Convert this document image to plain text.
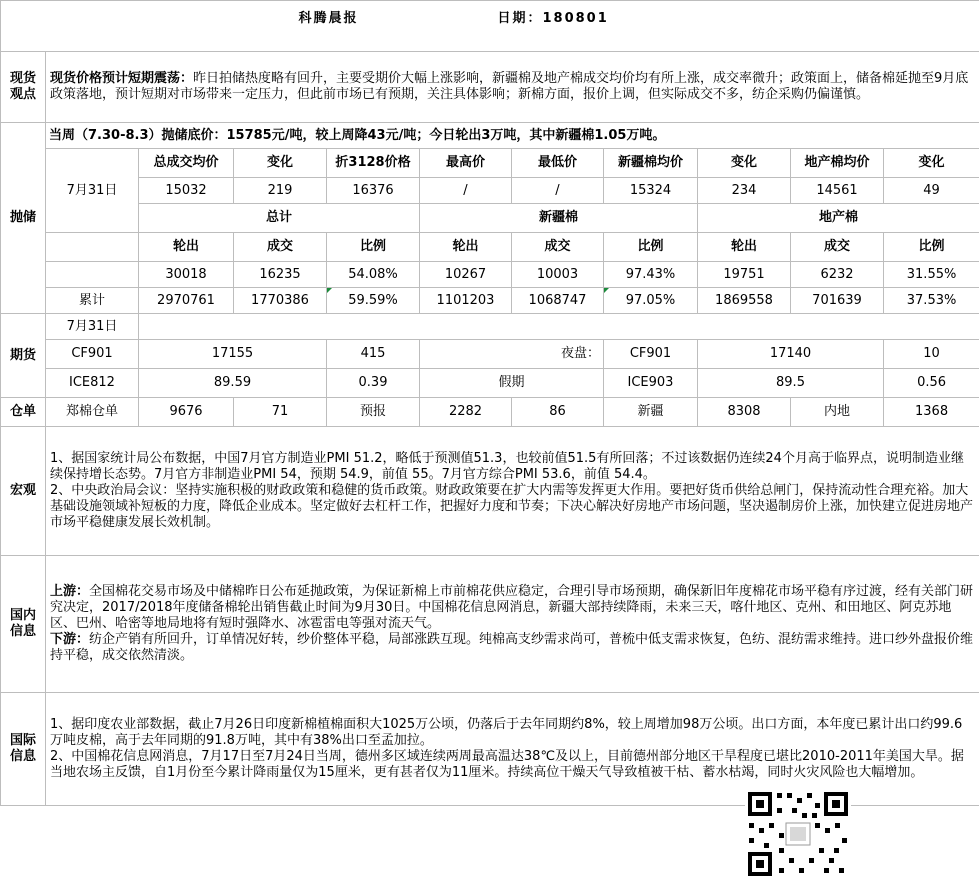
科腾晨报 日期：180801										

现货观点	现货价格预计短期震荡：昨日拍储热度略有回升，主要受期价大幅上涨影响，新疆棉及地产棉成交均价均有所上涨，成交率微升；政策面上，储备棉延抛至9月底政策落地，预计短期对市场带来一定压力，但此前市场已有预期，关注具体影响；新棉方面，报价上调，但实际成交不多，纺企采购仍偏谨慎。									
抛储	当周（7.30-8.3）抛储底价：15785元/吨，较上周降43元/吨；今日轮出3万吨，其中新疆棉1.05万吨。									
	7月31日	总成交均价	变化	折3128价格	最高价	最低价	新疆棉均价	变化	地产棉均价	变化
		15032	219	16376	/	/	15324	234	14561	49
		总计			新疆棉			地产棉		
		轮出	成交	比例	轮出	成交	比例	轮出	成交	比例
		30018	16235	54.08%	10267	10003	97.43%	19751	6232	31.55%
	累计	2970761	1770386	59.59%	1101203	1068747	97.05%	1869558	701639	37.53%
期货	7月31日									
	CF901	17155		415	夜盘：		CF901	17140		10
	ICE812	89.59		0.39	假期		ICE903	89.5		0.56
仓单	郑棉仓单	9676	71	预报	2282	86	新疆	8308	内地	1368
宏观	1、据国家统计局公布数据，中国7月官方制造业PMI 51.2，略低于预测值51.3，也较前值51.5有所回落；不过该数据仍连续24个月高于临界点，说明制造业继续保持增长态势。7月官方非制造业PMI 54，预期 54.9，前值 55。7月官方综合PMI 53.6，前值 54.4。
2、中央政治局会议：坚持实施积极的财政政策和稳健的货币政策。财政政策要在扩大内需等发挥更大作用。要把好货币供给总闸门，保持流动性合理充裕。加大基础设施领域补短板的力度，降低企业成本。坚定做好去杠杆工作，把握好力度和节奏；下决心解决好房地产市场问题，坚决遏制房价上涨，加快建立促进房地产市场平稳健康发展长效机制。									

国内信息	上游：全国棉花交易市场及中储棉昨日公布延抛政策，为保证新棉上市前棉花供应稳定，合理引导市场预期，确保新旧年度棉花市场平稳有序过渡，经有关部门研究决定，2017/2018年度储备棉轮出销售截止时间为9月30日。中国棉花信息网消息，新疆大部持续降雨，未来三天，喀什地区、克州、和田地区、阿克苏地区、巴州、哈密等地局地将有短时强降水、冰雹雷电等强对流天气。
下游：纺企产销有所回升，订单情况好转，纱价整体平稳，局部涨跌互现。纯棉高支纱需求尚可，普梳中低支需求恢复，色纺、混纺需求维持。进口纱外盘报价维持平稳，成交依然清淡。									

国际信息	1、据印度农业部数据，截止7月26日印度新棉植棉面积大1025万公顷，仍落后于去年同期约8%，较上周增加98万公顷。出口方面，本年度已累计出口约99.6万吨皮棉，高于去年同期的91.8万吨，其中有38%出口至孟加拉。
2、中国棉花信息网消息，7月17日至7月24日当周，德州多区域连续两周最高温达38℃及以上，目前德州部分地区干旱程度已堪比2010-2011年美国大旱。据当地农场主反馈，自1月份至今累计降雨量仅为15厘米，更有甚者仅为11厘米。持续高位干燥天气导致植被干枯、蓄水枯竭，同时火灾风险也大幅增加。									
